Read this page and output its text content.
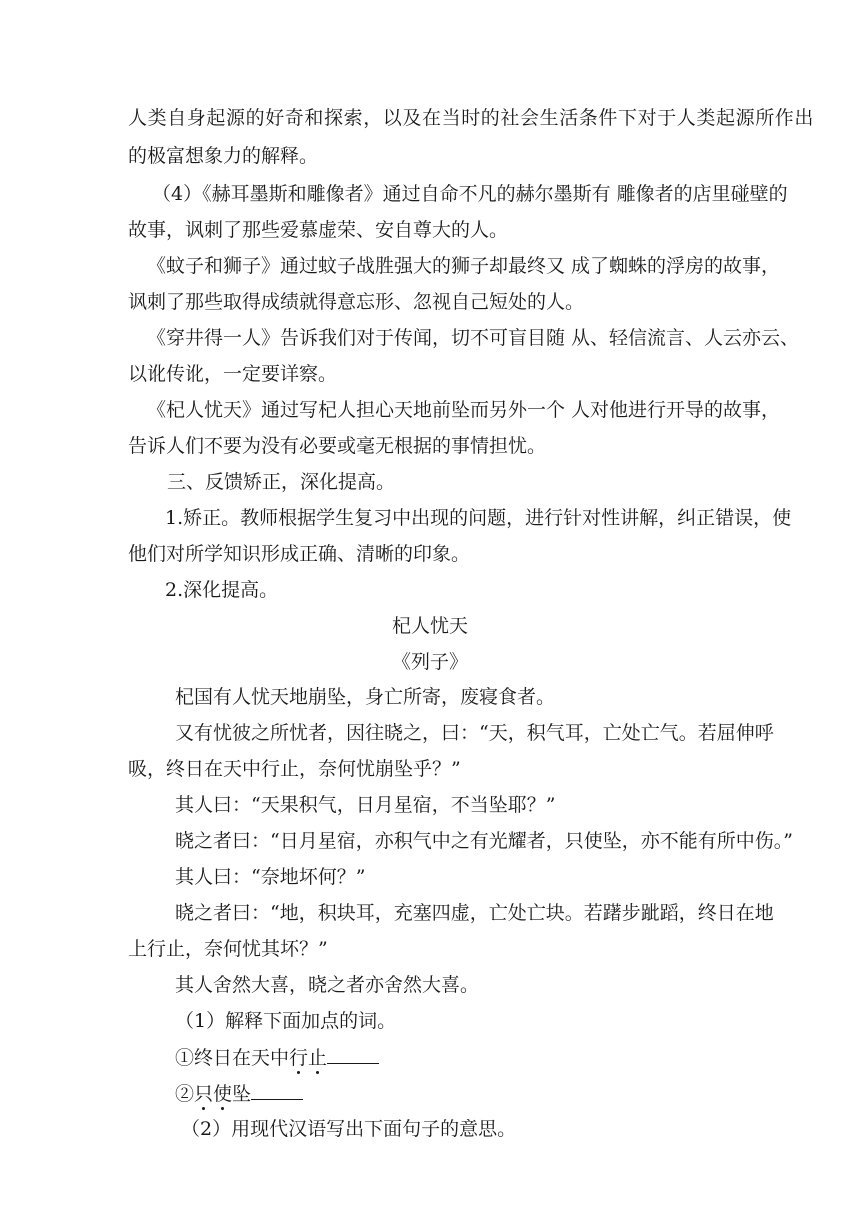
人类自身起源的好奇和探索，以及在当时的社会生活条件下对于人类起源所作出
的极富想象力的解释。
（4）《赫耳墨斯和雕像者》通过自命不凡的赫尔墨斯有 雕像者的店里碰壁的
故事，讽刺了那些爱慕虚荣、安自尊大的人。
《蚊子和狮子》通过蚊子战胜强大的狮子却最终又 成了蜘蛛的浮房的故事，
讽刺了那些取得成绩就得意忘形、忽视自己短处的人。
《穿井得一人》告诉我们对于传闻，切不可盲目随 从、轻信流言、人云亦云、
以讹传讹，一定要详察。
《杞人忧天》通过写杞人担心天地前坠而另外一个 人对他进行开导的故事，
告诉人们不要为没有必要或毫无根据的事情担忧。
三、反馈矫正，深化提高。
1.矫正。教师根据学生复习中出现的问题，进行针对性讲解，纠正错误，使
他们对所学知识形成正确、清晰的印象。
2.深化提高。
杞人忧天
《列子》
杞国有人忧天地崩坠，身亡所寄，废寝食者。
又有忧彼之所忧者，因往晓之，曰：“天，积气耳，亡处亡气。若屈伸呼
吸，终日在天中行止，奈何忧崩坠乎？”
其人曰：“天果积气，日月星宿，不当坠耶？”
晓之者曰：“日月星宿，亦积气中之有光耀者，只使坠，亦不能有所中伤。”
其人曰：“奈地坏何？”
晓之者曰：“地，积块耳，充塞四虚，亡处亡块。若躇步跐蹈，终日在地
上行止，奈何忧其坏？”
其人舍然大喜，晓之者亦舍然大喜。
（1）解释下面加点的词。
①终日在天中行止
②只使坠
（2）用现代汉语写出下面句子的意思。
